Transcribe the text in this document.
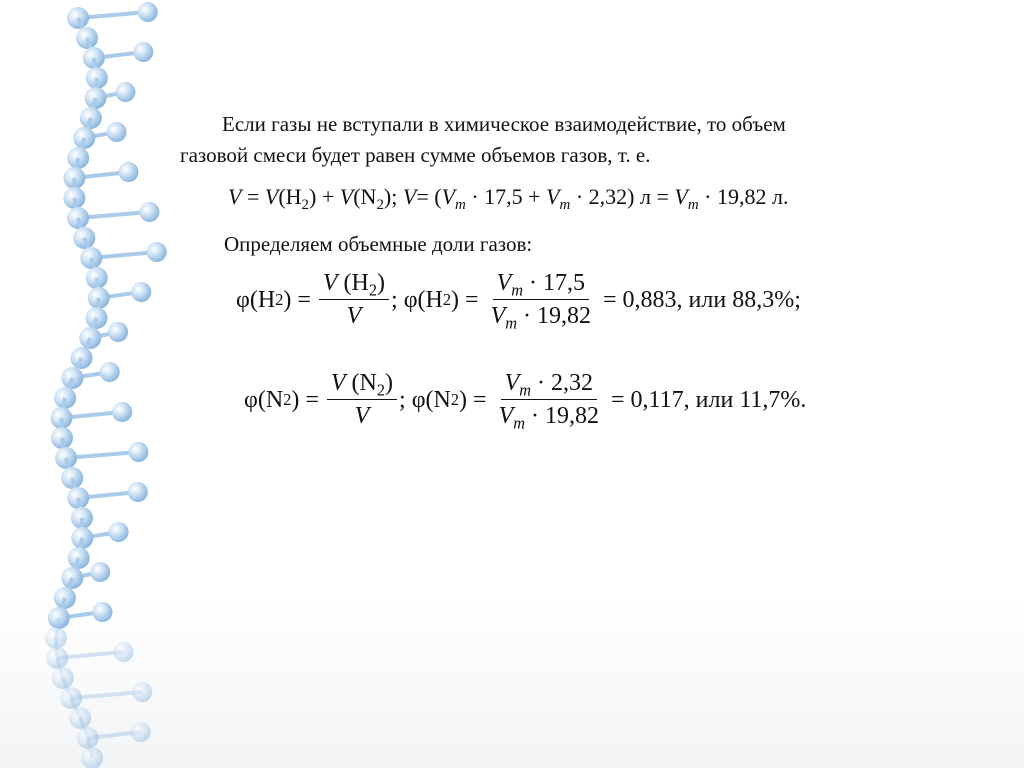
Если газы не вступали в химическое взаимодействие, то объем
газовой смеси будет равен сумме объемов газов, т. е.
$V = V(H_2) + V(N_2)$; $V= (V_m \cdot 17,5 + V_m \cdot 2,32) л = V_m \cdot 19,82$ л.
Определяем объемные доли газов:
φ(H 2 ) = $\frac{V (H_2)}{V}$ ; φ(H 2 ) = $\frac{V_m \cdot 17,5}{V_m \cdot 19,82} = 0,883$, или 88,3%;
φ(N 2 ) = $\frac{V (N_2)}{V}$ ; φ(N 2 ) = $\frac{V_m \cdot 2,32}{V_m \cdot 19,82} = 0,117$, или 11,7%.
